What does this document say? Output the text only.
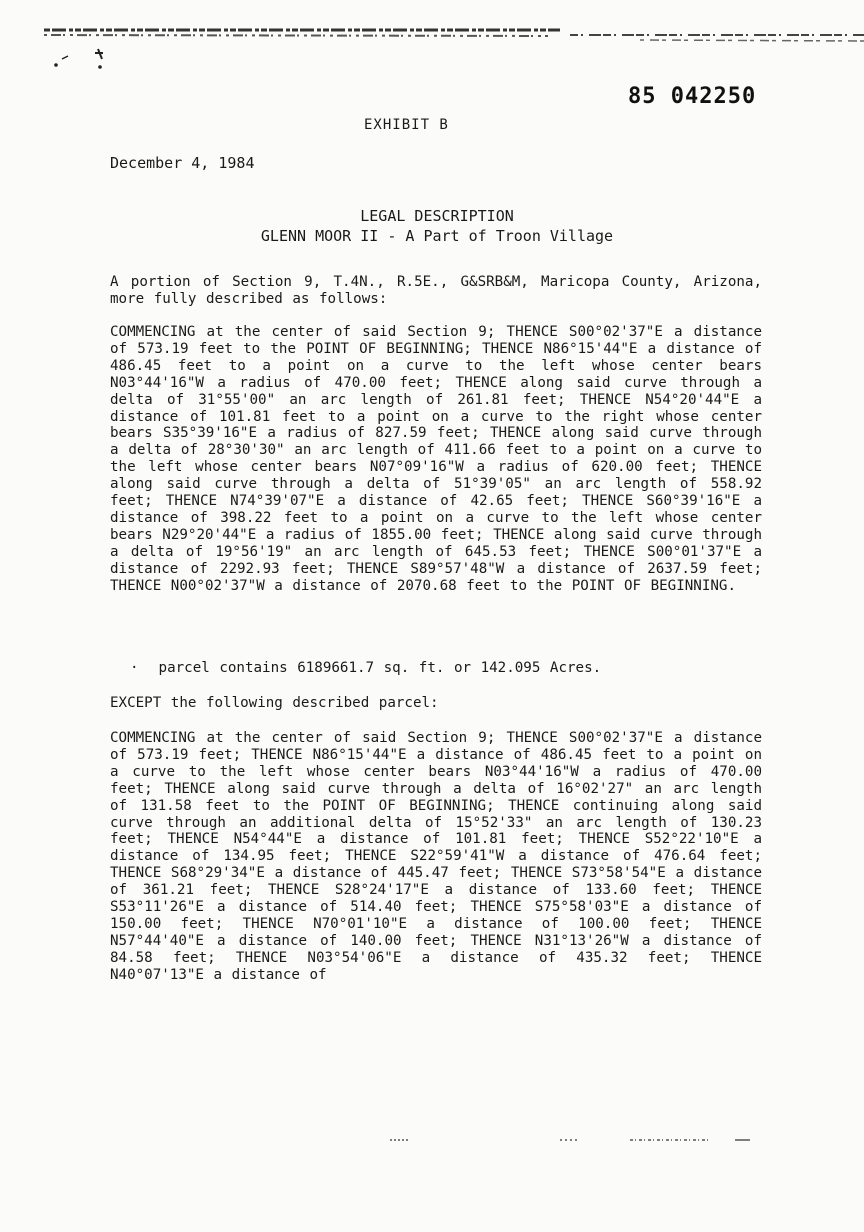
85 042250
EXHIBIT B
December 4, 1984
LEGAL DESCRIPTION
GLENN MOOR II - A Part of Troon Village
A portion of Section 9, T.4N., R.5E., G&SRB&M, Maricopa County, Arizona, more fully described as follows:
COMMENCING at the center of said Section 9; THENCE S00°02'37"E a distance of 573.19 feet to the POINT OF BEGINNING; THENCE N86°15'44"E a distance of 486.45 feet to a point on a curve to the left whose center bears N03°44'16"W a radius of 470.00 feet; THENCE along said curve through a delta of 31°55'00" an arc length of 261.81 feet; THENCE N54°20'44"E a distance of 101.81 feet to a point on a curve to the right whose center bears S35°39'16"E a radius of 827.59 feet; THENCE along said curve through a delta of 28°30'30" an arc length of 411.66 feet to a point on a curve to the left whose center bears N07°09'16"W a radius of 620.00 feet; THENCE along said curve through a delta of 51°39'05" an arc length of 558.92 feet; THENCE N74°39'07"E a distance of 42.65 feet; THENCE S60°39'16"E a distance of 398.22 feet to a point on a curve to the left whose center bears N29°20'44"E a radius of 1855.00 feet; THENCE along said curve through a delta of 19°56'19" an arc length of 645.53 feet; THENCE S00°01'37"E a distance of 2292.93 feet; THENCE S89°57'48"W a distance of 2637.59 feet; THENCE N00°02'37"W a distance of 2070.68 feet to the POINT OF BEGINNING.
· parcel contains 6189661.7 sq. ft. or 142.095 Acres.
EXCEPT the following described parcel:
COMMENCING at the center of said Section 9; THENCE S00°02'37"E a distance of 573.19 feet; THENCE N86°15'44"E a distance of 486.45 feet to a point on a curve to the left whose center bears N03°44'16"W a radius of 470.00 feet; THENCE along said curve through a delta of 16°02'27" an arc length of 131.58 feet to the POINT OF BEGINNING; THENCE continuing along said curve through an additional delta of 15°52'33" an arc length of 130.23 feet; THENCE N54°44"E a distance of 101.81 feet; THENCE S52°22'10"E a distance of 134.95 feet; THENCE S22°59'41"W a distance of 476.64 feet; THENCE S68°29'34"E a distance of 445.47 feet; THENCE S73°58'54"E a distance of 361.21 feet; THENCE S28°24'17"E a distance of 133.60 feet; THENCE S53°11'26"E a distance of 514.40 feet; THENCE S75°58'03"E a distance of 150.00 feet; THENCE N70°01'10"E a distance of 100.00 feet; THENCE N57°44'40"E a distance of 140.00 feet; THENCE N31°13'26"W a distance of 84.58 feet; THENCE N03°54'06"E a distance of 435.32 feet; THENCE N40°07'13"E a distance of
